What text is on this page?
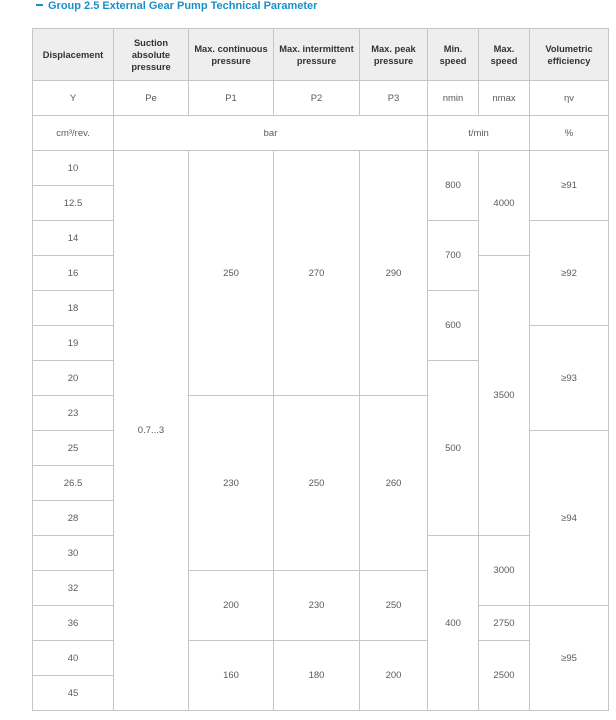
Group 2.5 External Gear Pump Technical Parameter
Displacement	Suction absolute pressure	Max. continuous pressure	Max. intermittent pressure	Max. peak pressure	Min. speed	Max. speed	Volumetric efficiency
Y	Pe	P1	P2	P3	nmin	nmax	ηv
cm³/rev.	bar				t/min		%
10	0.7...3	250	270	290	800	4000	≥91
12.5							
14					700		≥92
16						3500	
18					600		
19							≥93
20					500		
23		230	250	260			
25							≥94
26.5							
28							
30					400	3000	
32		200	230	250			
36						2750	≥95
40		160	180	200		2500	
45							
